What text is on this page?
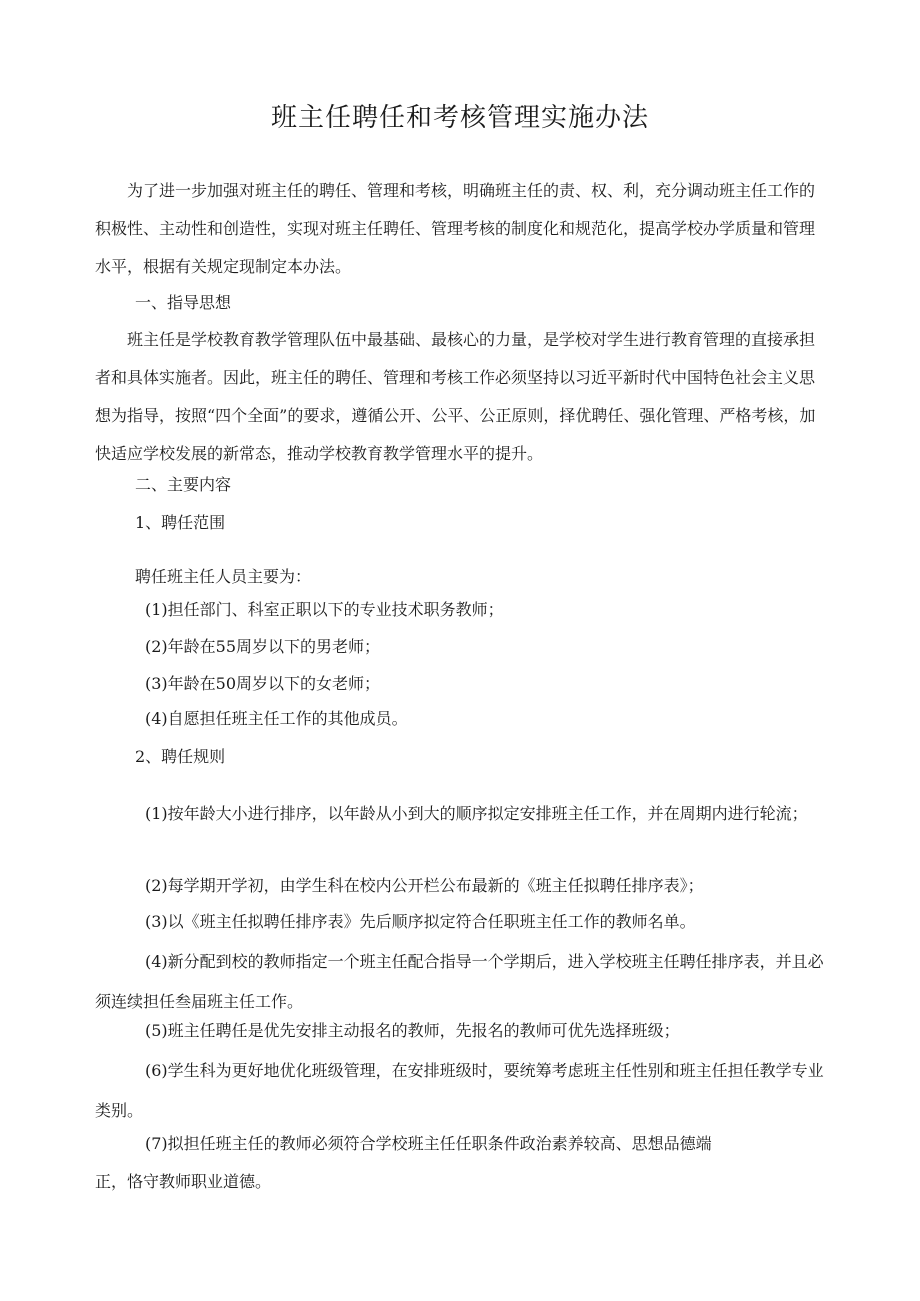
班主任聘任和考核管理实施办法
为了进一步加强对班主任的聘任、管理和考核，明确班主任的责、权、利，充分调动班主任工作的积极性、主动性和创造性，实现对班主任聘任、管理考核的制度化和规范化，提高学校办学质量和管理水平，根据有关规定现制定本办法。
一、指导思想
班主任是学校教育教学管理队伍中最基础、最核心的力量，是学校对学生进行教育管理的直接承担者和具体实施者。因此，班主任的聘任、管理和考核工作必须坚持以习近平新时代中国特色社会主义思想为指导，按照“四个全面”的要求，遵循公开、公平、公正原则，择优聘任、强化管理、严格考核，加快适应学校发展的新常态，推动学校教育教学管理水平的提升。
二、主要内容
1、聘任范围
聘任班主任人员主要为：
(1)担任部门、科室正职以下的专业技术职务教师；
(2)年龄在55周岁以下的男老师；
(3)年龄在50周岁以下的女老师；
(4)自愿担任班主任工作的其他成员。
2、聘任规则
(1)按年龄大小进行排序，以年龄从小到大的顺序拟定安排班主任工作，并在周期内进行轮流；
(2)每学期开学初，由学生科在校内公开栏公布最新的《班主任拟聘任排序表》；
(3)以《班主任拟聘任排序表》先后顺序拟定符合任职班主任工作的教师名单。
(4)新分配到校的教师指定一个班主任配合指导一个学期后，进入学校班主任聘任排序表，并且必须连续担任叁届班主任工作。
(5)班主任聘任是优先安排主动报名的教师，先报名的教师可优先选择班级；
(6)学生科为更好地优化班级管理，在安排班级时，要统筹考虑班主任性别和班主任担任教学专业类别。
(7)拟担任班主任的教师必须符合学校班主任任职条件政治素养较高、思想品德端
正，恪守教师职业道德。
